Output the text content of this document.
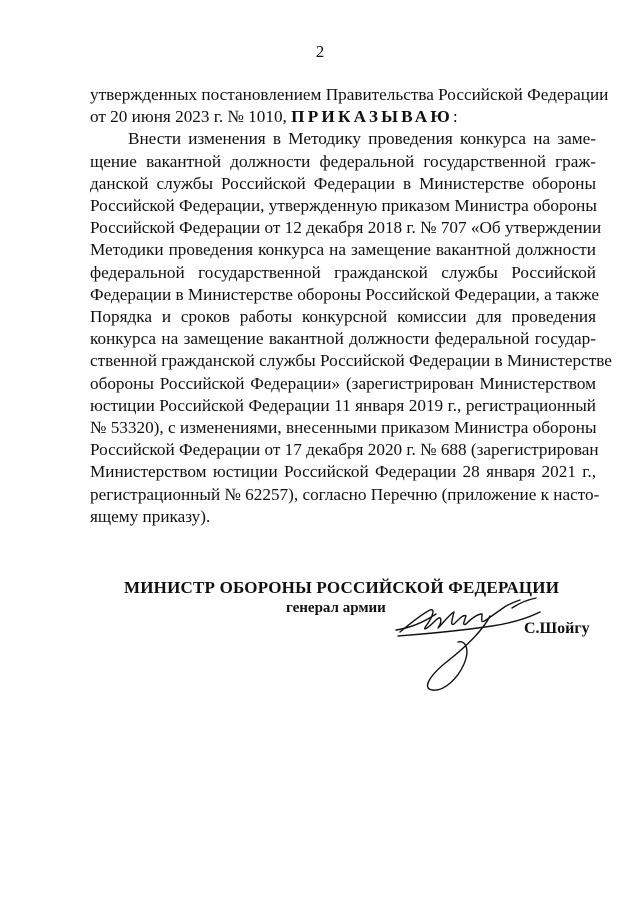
2
утвержденных постановлением Правительства Российской Федерации
от 20 июня 2023 г. № 1010, ПРИКАЗЫВАЮ:
Внести изменения в Методику проведения конкурса на заме-
щение вакантной должности федеральной государственной граж-
данской службы Российской Федерации в Министерстве обороны
Российской Федерации, утвержденную приказом Министра обороны
Российской Федерации от 12 декабря 2018 г. № 707 «Об утверждении
Методики проведения конкурса на замещение вакантной должности
федеральной государственной гражданской службы Российской
Федерации в Министерстве обороны Российской Федерации, а также
Порядка и сроков работы конкурсной комиссии для проведения
конкурса на замещение вакантной должности федеральной государ-
ственной гражданской службы Российской Федерации в Министерстве
обороны Российской Федерации» (зарегистрирован Министерством
юстиции Российской Федерации 11 января 2019 г., регистрационный
№ 53320), с изменениями, внесенными приказом Министра обороны
Российской Федерации от 17 декабря 2020 г. № 688 (зарегистрирован
Министерством юстиции Российской Федерации 28 января 2021 г.,
регистрационный № 62257), согласно Перечню (приложение к насто-
ящему приказу).
МИНИСТР ОБОРОНЫ РОССИЙСКОЙ ФЕДЕРАЦИИ
генерал армии
С.Шойгу
